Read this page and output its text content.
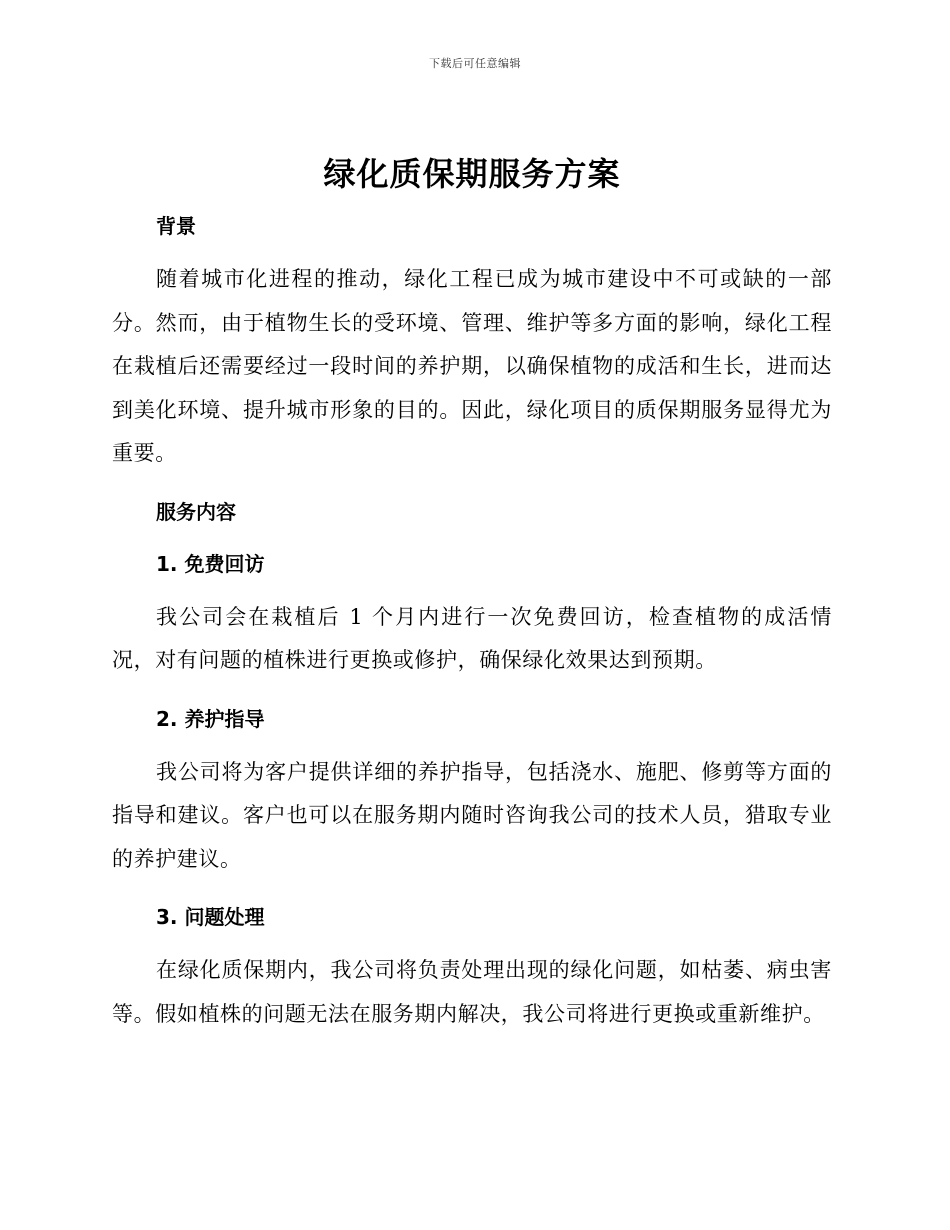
下载后可任意编辑
绿化质保期服务方案
背景

随着城市化进程的推动，绿化工程已成为城市建设中不可或缺的一部分。然而，由于植物生长的受环境、管理、维护等多方面的影响，绿化工程在栽植后还需要经过一段时间的养护期，以确保植物的成活和生长，进而达到美化环境、提升城市形象的目的。因此，绿化项目的质保期服务显得尤为重要。

服务内容
1. 免费回访

我公司会在栽植后 1 个月内进行一次免费回访，检查植物的成活情况，对有问题的植株进行更换或修护，确保绿化效果达到预期。

2. 养护指导

我公司将为客户提供详细的养护指导，包括浇水、施肥、修剪等方面的指导和建议。客户也可以在服务期内随时咨询我公司的技术人员，猎取专业的养护建议。

3. 问题处理

在绿化质保期内，我公司将负责处理出现的绿化问题，如枯萎、病虫害等。假如植株的问题无法在服务期内解决，我公司将进行更换或重新维护。
